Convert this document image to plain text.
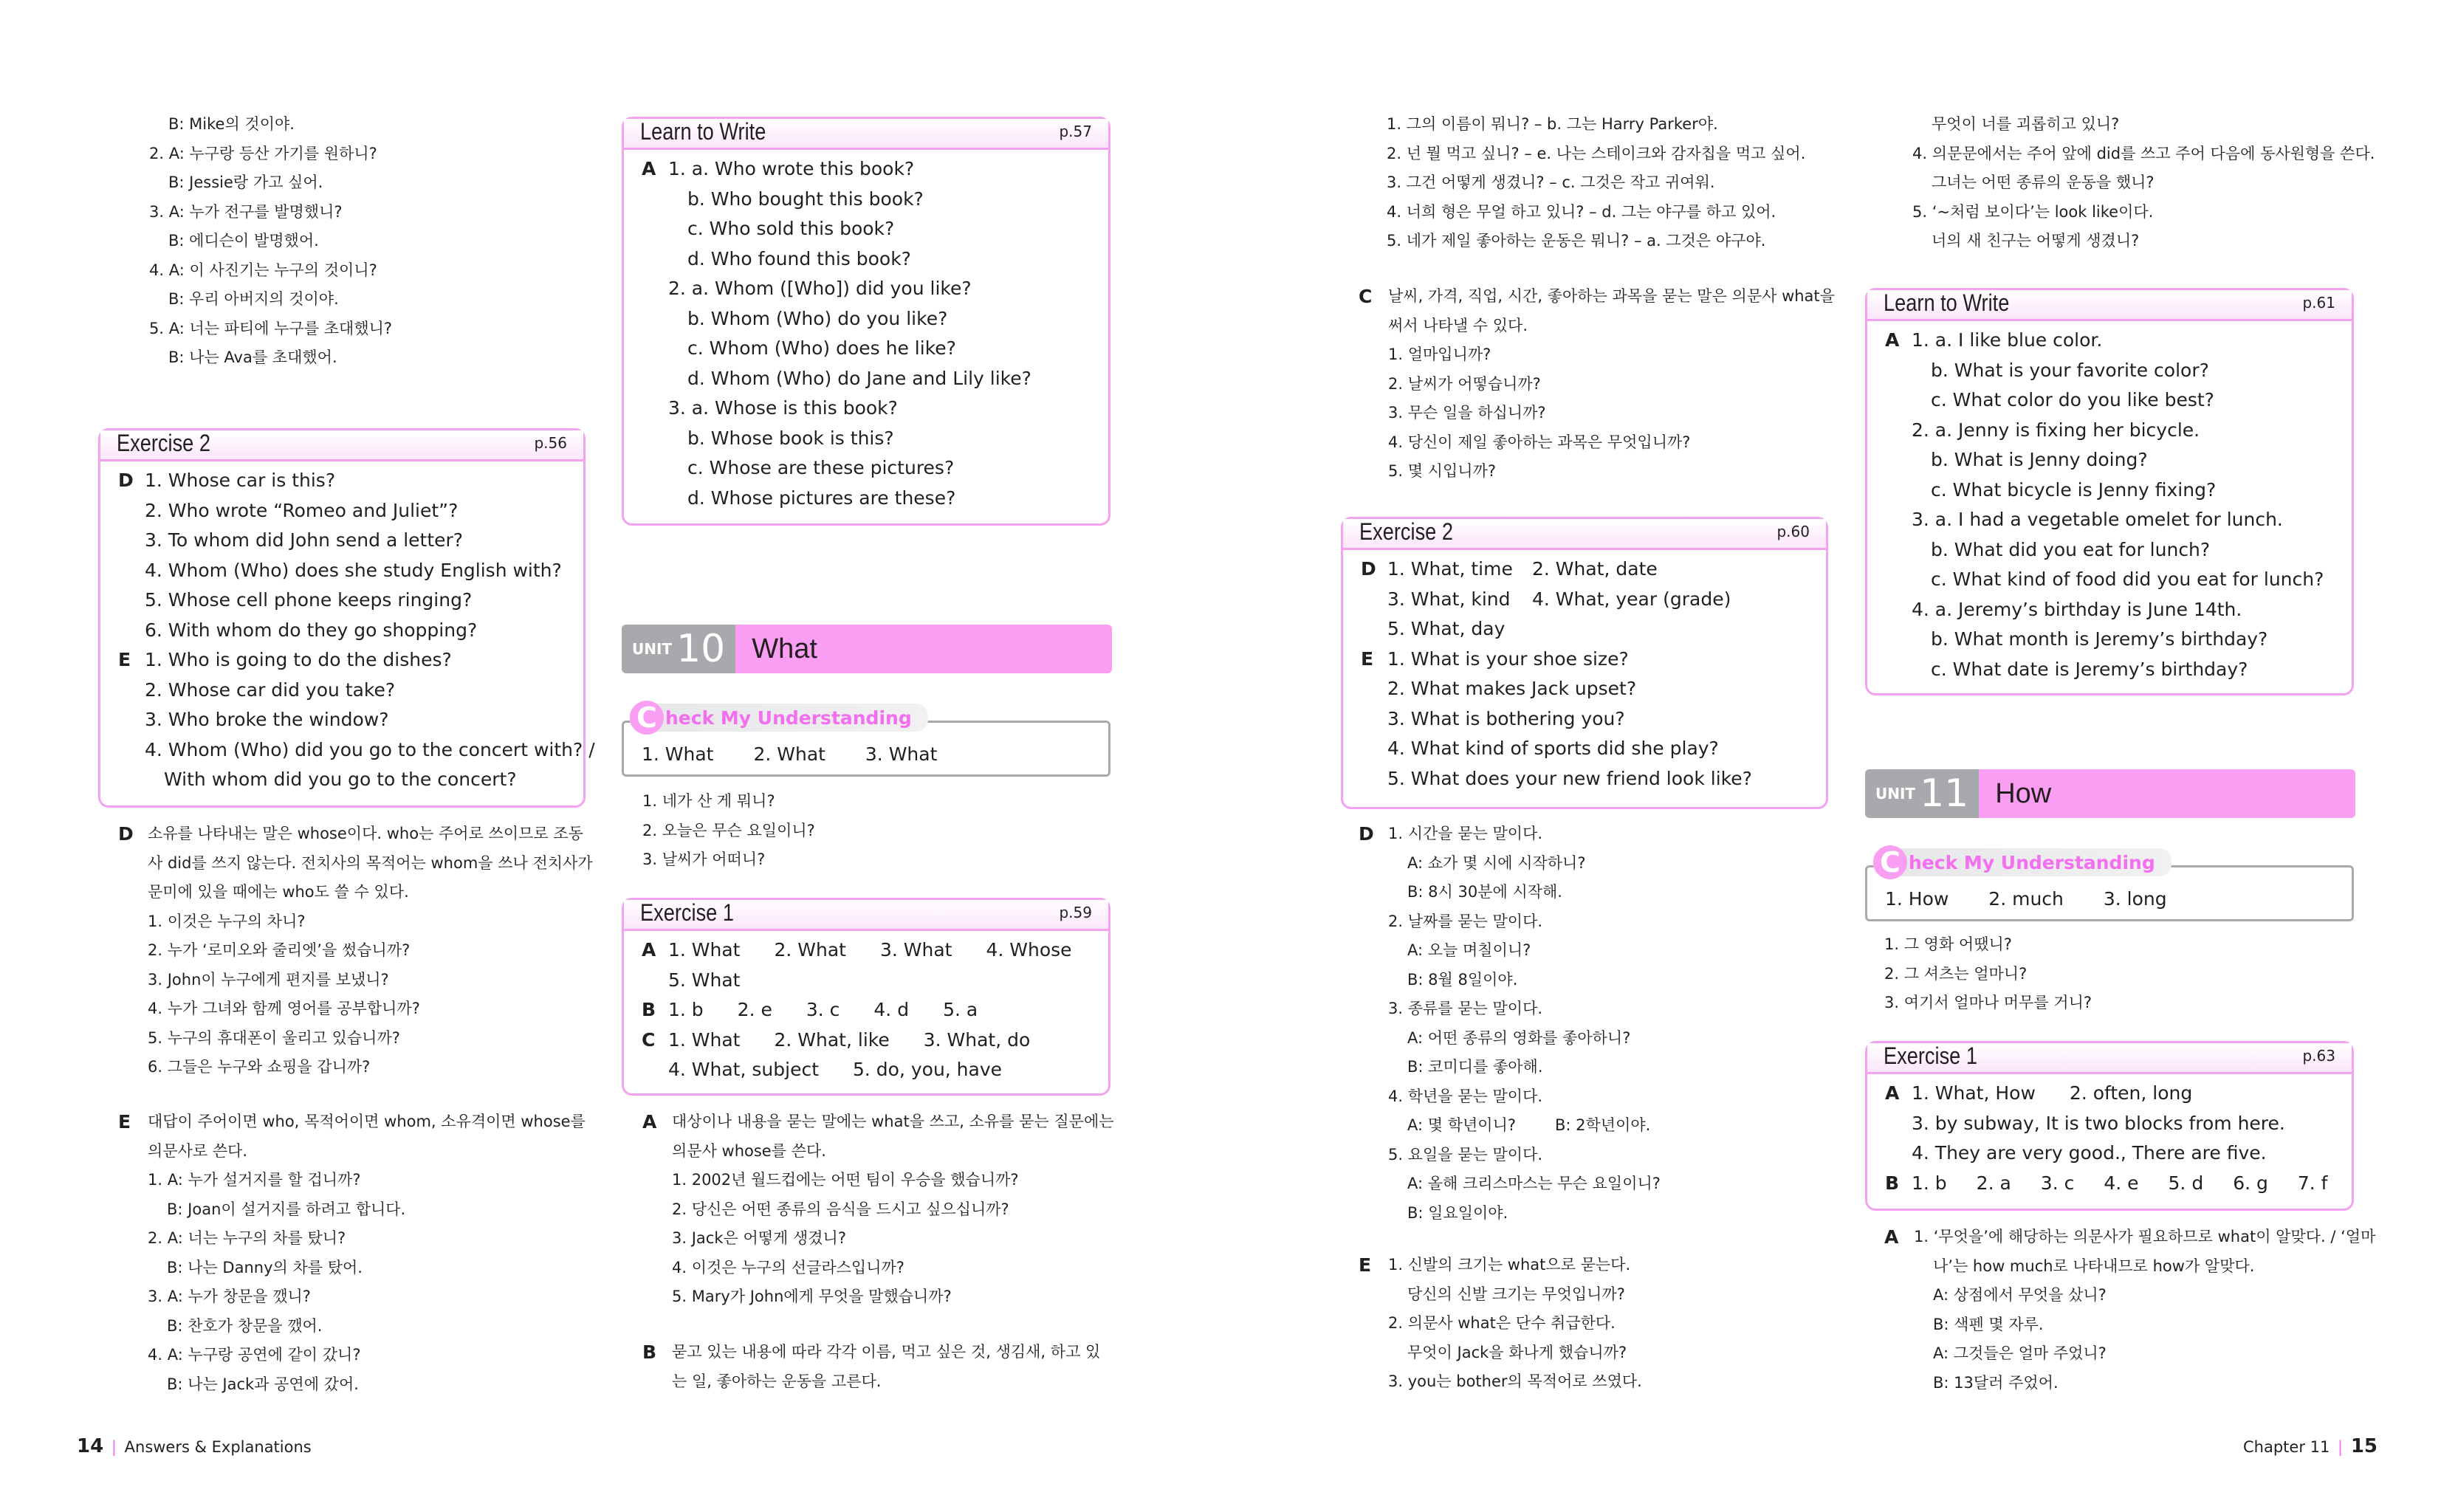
B: Mike의 것이야.
2. A: 누구랑 등산 가기를 원하니?
B: Jessie랑 가고 싶어.
3. A: 누가 전구를 발명했니?
B: 에디슨이 발명했어.
4. A: 이 사진기는 누구의 것이니?
B: 우리 아버지의 것이야.
5. A: 너는 파티에 누구를 초대했니?
B: 나는 Ava를 초대했어.
Exercise 2	p.56
D 1. Whose car is this?
2. Who wrote “Romeo and Juliet”?
3. To whom did John send a letter?
4. Whom (Who) does she study English with?
5. Whose cell phone keeps ringing?
6. With whom do they go shopping?
E 1. Who is going to do the dishes?
2. Whose car did you take?
3. Who broke the window?
4. Whom (Who) did you go to the concert with? /
With whom did you go to the concert?
D 소유를 나타내는 말은 whose이다. who는 주어로 쓰이므로 조동
사 did를 쓰지 않는다. 전치사의 목적어는 whom을 쓰나 전치사가
문미에 있을 때에는 who도 쓸 수 있다.
1. 이것은 누구의 차니?
2. 누가 ‘로미오와 줄리엣’을 썼습니까?
3. John이 누구에게 편지를 보냈니?
4. 누가 그녀와 함께 영어를 공부합니까?
5. 누구의 휴대폰이 울리고 있습니까?
6. 그들은 누구와 쇼핑을 갑니까?
E	대답이 주어이면 who, 목적어이면 whom, 소유격이면 whose를
의문사로 쓴다.
1. A: 누가 설거지를 할 겁니까?
B: Joan이 설거지를 하려고 합니다.
2. A: 너는 누구의 차를 탔니?
B: 나는 Danny의 차를 탔어.
3. A: 누가 창문을 깼니?
B: 찬호가 창문을 깼어.
4. A: 누구랑 공연에 같이 갔니?
B: 나는 Jack과 공연에 갔어.
Learn to Write	p.57
A 1. a. Who wrote this book?
b. Who bought this book?
c. Who sold this book?
d. Who found this book?
2. a. Whom ([Who]) did you like?
b. Whom (Who) do you like?
c. Whom (Who) does he like?
d. Whom (Who) do Jane and Lily like?
3. a. Whose is this book?
b. Whose book is this?
c. Whose are these pictures?
d. Whose pictures are these?
UNIT 10 What
C heck My Understanding
1. What 2. What 3. What
1. 네가 산 게 뭐니?
2. 오늘은 무슨 요일이니?
3. 날씨가 어떠니?
Exercise 1	p.59
A 1. What 2. What 3. What 4. Whose
5. What
B 1. b 2. e 3. c 4. d 5. a
C 1. What 2. What, like 3. What, do
4. What, subject 5. do, you, have
A 대상이나 내용을 묻는 말에는 what을 쓰고, 소유를 묻는 질문에는
의문사 whose를 쓴다.
1. 2002년 월드컵에는 어떤 팀이 우승을 했습니까?
2. 당신은 어떤 종류의 음식을 드시고 싶으십니까?
3. Jack은 어떻게 생겼니?
4. 이것은 누구의 선글라스입니까?
5. Mary가 John에게 무엇을 말했습니까?
B 묻고 있는 내용에 따라 각각 이름, 먹고 싶은 것, 생김새, 하고 있
는 일, 좋아하는 운동을 고른다.
14 | Answers & Explanations
1. 그의 이름이 뭐니? – b. 그는 Harry Parker야.
2. 넌 뭘 먹고 싶니? – e. 나는 스테이크와 감자칩을 먹고 싶어.
3. 그건 어떻게 생겼니? – c. 그것은 작고 귀여워.
4. 너희 형은 무얼 하고 있니? – d. 그는 야구를 하고 있어.
5. 네가 제일 좋아하는 운동은 뭐니? – a. 그것은 야구야.
C	날씨, 가격, 직업, 시간, 좋아하는 과목을 묻는 말은 의문사 what을
써서 나타낼 수 있다.
1. 얼마입니까?
2. 날씨가 어떻습니까?
3. 무슨 일을 하십니까?
4. 당신이 제일 좋아하는 과목은 무엇입니까?
5. 몇 시입니까?
Exercise 2	p.60
D 1. What, time	2. What, date
3. What, kind	4. What, year (grade)
5. What, day
E 1. What is your shoe size?
2. What makes Jack upset?
3. What is bothering you?
4. What kind of sports did she play?
5. What does your new friend look like?
D 1. 시간을 묻는 말이다.
A: 쇼가 몇 시에 시작하니?
B: 8시 30분에 시작해.
2. 날짜를 묻는 말이다.
A: 오늘 며칠이니?
B: 8월 8일이야.
3. 종류를 묻는 말이다.
A: 어떤 종류의 영화를 좋아하니?
B: 코미디를 좋아해.
4. 학년을 묻는 말이다.
A: 몇 학년이니?	B: 2학년이야.
5. 요일을 묻는 말이다.
A: 올해 크리스마스는 무슨 요일이니?
B: 일요일이야.
E	1. 신발의 크기는 what으로 묻는다.
당신의 신발 크기는 무엇입니까?
2. 의문사 what은 단수 취급한다.
무엇이 Jack을 화나게 했습니까?
3. you는 bother의 목적어로 쓰였다.
무엇이 너를 괴롭히고 있니?
4. 의문문에서는 주어 앞에 did를 쓰고 주어 다음에 동사원형을 쓴다.
그녀는 어떤 종류의 운동을 했니?
5. ‘~처럼 보이다’는 look like이다.
너의 새 친구는 어떻게 생겼니?
Learn to Write	p.61
A 1. a. I like blue color.
b. What is your favorite color?
c. What color do you like best?
2. a. Jenny is fixing her bicycle.
b. What is Jenny doing?
c. What bicycle is Jenny fixing?
3. a. I had a vegetable omelet for lunch.
b. What did you eat for lunch?
c. What kind of food did you eat for lunch?
4. a. Jeremy’s birthday is June 14th.
b. What month is Jeremy’s birthday?
c. What date is Jeremy’s birthday?
UNIT 11 How
C heck My Understanding
1. How 2. much 3. long
1. 그 영화 어땠니?
2. 그 셔츠는 얼마니?
3. 여기서 얼마나 머무를 거니?
Exercise 1	p.63
A 1. What, How 2. often, long
3. by subway, It is two blocks from here.
4. They are very good., There are five.
B 1. b 2. a 3. c 4. e 5. d 6. g 7. f
A 1. ‘무엇을’에 해당하는 의문사가 필요하므로 what이 알맞다. / ‘얼마
나’는 how much로 나타내므로 how가 알맞다.
A: 상점에서 무엇을 샀니?
B: 색펜 몇 자루.
A: 그것들은 얼마 주었니?
B: 13달러 주었어.
Chapter 11 | 15
